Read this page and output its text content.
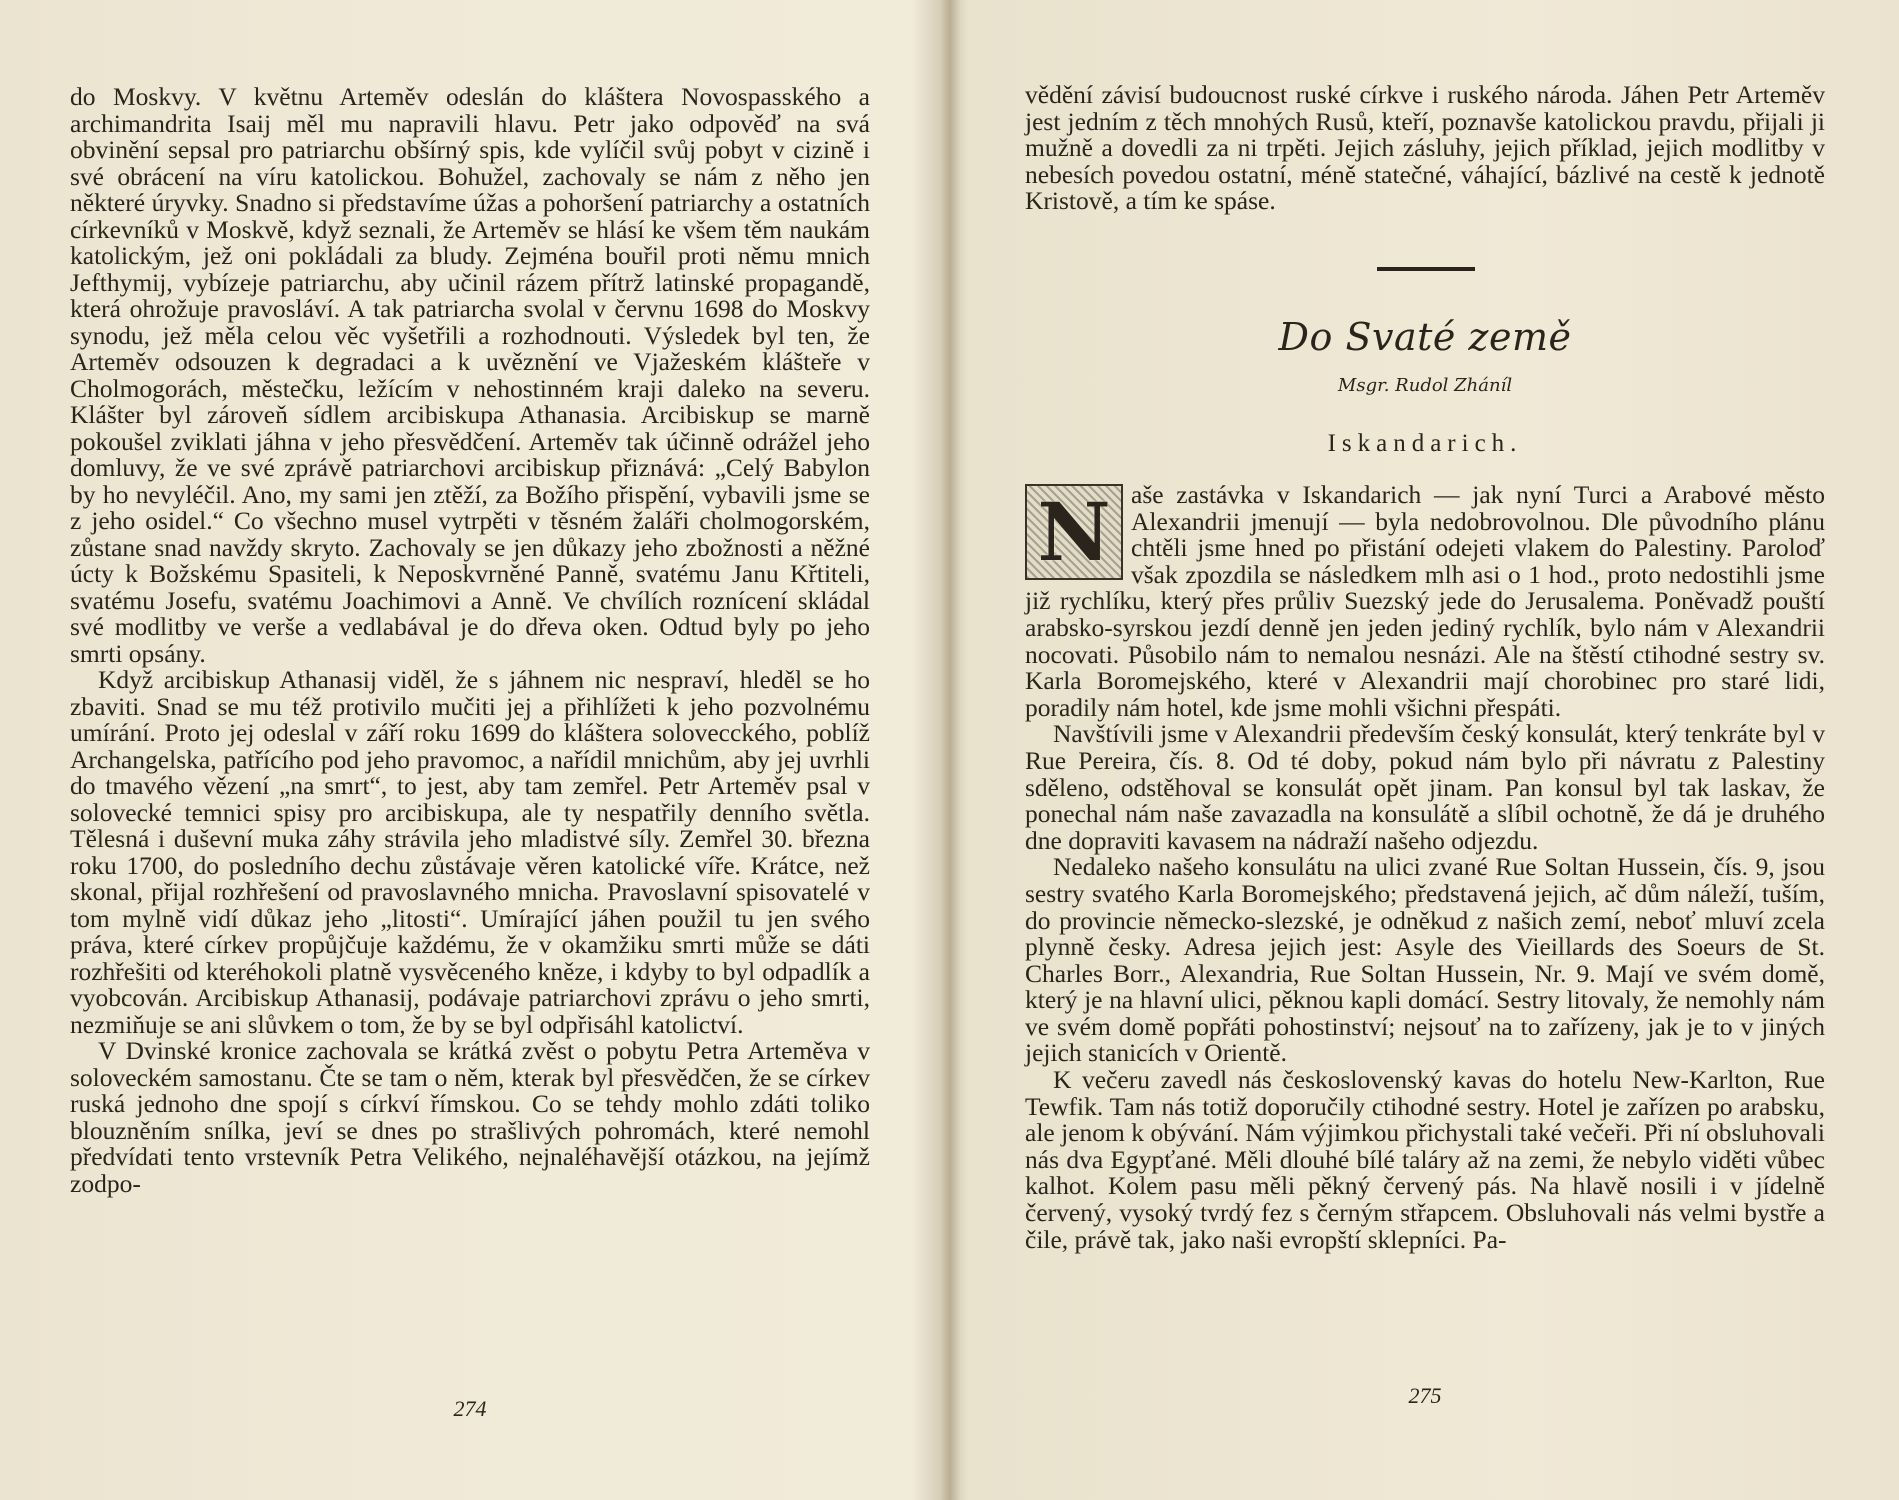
do Moskvy. V květnu Arteměv odeslán do kláštera Novospasského a archimandrita Isaij měl mu napravili hlavu. Petr jako odpověď na svá obvinění sepsal pro patriarchu obšírný spis, kde vylíčil svůj pobyt v cizině i své obrácení na víru katolickou. Bohužel, zachovaly se nám z něho jen některé úryvky. Snadno si představíme úžas a pohoršení patriarchy a ostatních církevníků v Moskvě, když seznali, že Arteměv se hlásí ke všem těm naukám katolickým, jež oni pokládali za bludy. Zejména bouřil proti němu mnich Jefthymij, vybízeje patriarchu, aby učinil rázem přítrž latinské propagandě, která ohrožuje pravosláví. A tak patriarcha svolal v červnu 1698 do Moskvy synodu, jež měla celou věc vyšetřili a rozhodnouti. Výsledek byl ten, že Arteměv odsouzen k degradaci a k uvěznění ve Vjažeském klášteře v Cholmogorách, městečku, ležícím v nehostinném kraji daleko na severu. Klášter byl zároveň sídlem arcibiskupa Athanasia. Arcibiskup se marně pokoušel zviklati jáhna v jeho přesvědčení. Arteměv tak účinně odrážel jeho domluvy, že ve své zprávě patriarchovi arcibiskup přiznává: „Celý Babylon by ho nevyléčil. Ano, my sami jen ztěží, za Božího přispění, vybavili jsme se z jeho osidel.“ Co všechno musel vytrpěti v těsném žaláři cholmogorském, zůstane snad navždy skryto. Zachovaly se jen důkazy jeho zbožnosti a něžné úcty k Božskému Spasiteli, k Neposkvrněné Panně, svatému Janu Křtiteli, svatému Josefu, svatému Joachimovi a Anně. Ve chvílích roznícení skládal své modlitby ve verše a vedlabával je do dřeva oken. Odtud byly po jeho smrti opsány.

Když arcibiskup Athanasij viděl, že s jáhnem nic nespraví, hleděl se ho zbaviti. Snad se mu též protivilo mučiti jej a přihlížeti k jeho pozvolnému umírání. Proto jej odeslal v září roku 1699 do kláštera solovecckého, poblíž Archangelska, patřícího pod jeho pravomoc, a nařídil mnichům, aby jej uvrhli do tmavého vězení „na smrt“, to jest, aby tam zemřel. Petr Arteměv psal v solovecké temnici spisy pro arcibiskupa, ale ty nespatřily denního světla. Tělesná i duševní muka záhy strávila jeho mladistvé síly. Zemřel 30. března roku 1700, do posledního dechu zůstávaje věren katolické víře. Krátce, než skonal, přijal rozhřešení od pravoslavného mnicha. Pravoslavní spisovatelé v tom mylně vidí důkaz jeho „litosti“. Umírající jáhen použil tu jen svého práva, které církev propůjčuje každému, že v okamžiku smrti může se dáti rozhřešiti od kteréhokoli platně vysvěceného kněze, i kdyby to byl odpadlík a vyobcován. Arcibiskup Athanasij, podávaje patriarchovi zprávu o jeho smrti, nezmiňuje se ani slůvkem o tom, že by se byl odpřisáhl katolictví.

V Dvinské kronice zachovala se krátká zvěst o pobytu Petra Arteměva v soloveckém samostanu. Čte se tam o něm, kterak byl přesvědčen, že se církev ruská jednoho dne spojí s církví římskou. Co se tehdy mohlo zdáti toliko blouzněním snílka, jeví se dnes po strašlivých pohromách, které nemohl předvídati tento vrstevník Petra Velikého, nejnaléhavější otázkou, na jejímž zodpo-

274

vědění závisí budoucnost ruské církve i ruského národa. Jáhen Petr Arteměv jest jedním z těch mnohých Rusů, kteří, poznavše katolickou pravdu, přijali ji mužně a dovedli za ni trpěti. Jejich zásluhy, jejich příklad, jejich modlitby v nebesích povedou ostatní, méně statečné, váhající, bázlivé na cestě k jednotě Kristově, a tím ke spáse.

Do Svaté země
Msgr. Rudol Zháníl
Iskandarich.

N aše zastávka v Iskandarich — jak nyní Turci a Arabové město Alexandrii jmenují — byla nedobrovolnou. Dle původního plánu chtěli jsme hned po přistání odejeti vlakem do Palestiny. Paroloď však zpozdila se následkem mlh asi o 1 hod., proto nedostihli jsme již rychlíku, který přes průliv Suezský jede do Jerusalema. Poněvadž pouští arabsko-syrskou jezdí denně jen jeden jediný rychlík, bylo nám v Alexandrii nocovati. Působilo nám to nemalou nesnázi. Ale na štěstí ctihodné sestry sv. Karla Boromejského, které v Alexandrii mají chorobinec pro staré lidi, poradily nám hotel, kde jsme mohli všichni přespáti.

Navštívili jsme v Alexandrii především český konsulát, který tenkráte byl v Rue Pereira, čís. 8. Od té doby, pokud nám bylo při návratu z Palestiny sděleno, odstěhoval se konsulát opět jinam. Pan konsul byl tak laskav, že ponechal nám naše zavazadla na konsulátě a slíbil ochotně, že dá je druhého dne dopraviti kavasem na nádraží našeho odjezdu.

Nedaleko našeho konsulátu na ulici zvané Rue Soltan Hussein, čís. 9, jsou sestry svatého Karla Boromejského; představená jejich, ač dům náleží, tuším, do provincie německo-slezské, je odněkud z našich zemí, neboť mluví zcela plynně česky. Adresa jejich jest: Asyle des Vieillards des Soeurs de St. Charles Borr., Alexandria, Rue Soltan Hussein, Nr. 9. Mají ve svém domě, který je na hlavní ulici, pěknou kapli domácí. Sestry litovaly, že nemohly nám ve svém domě popřáti pohostinství; nejsouť na to zařízeny, jak je to v jiných jejich stanicích v Orientě.

K večeru zavedl nás československý kavas do hotelu New-Karlton, Rue Tewfik. Tam nás totiž doporučily ctihodné sestry. Hotel je zařízen po arabsku, ale jenom k obývání. Nám výjimkou přichystali také večeři. Při ní obsluhovali nás dva Egypťané. Měli dlouhé bílé taláry až na zemi, že nebylo viděti vůbec kalhot. Kolem pasu měli pěkný červený pás. Na hlavě nosili i v jídelně červený, vysoký tvrdý fez s černým střapcem. Obsluhovali nás velmi bystře a čile, právě tak, jako naši evropští sklepníci. Pa-

275
